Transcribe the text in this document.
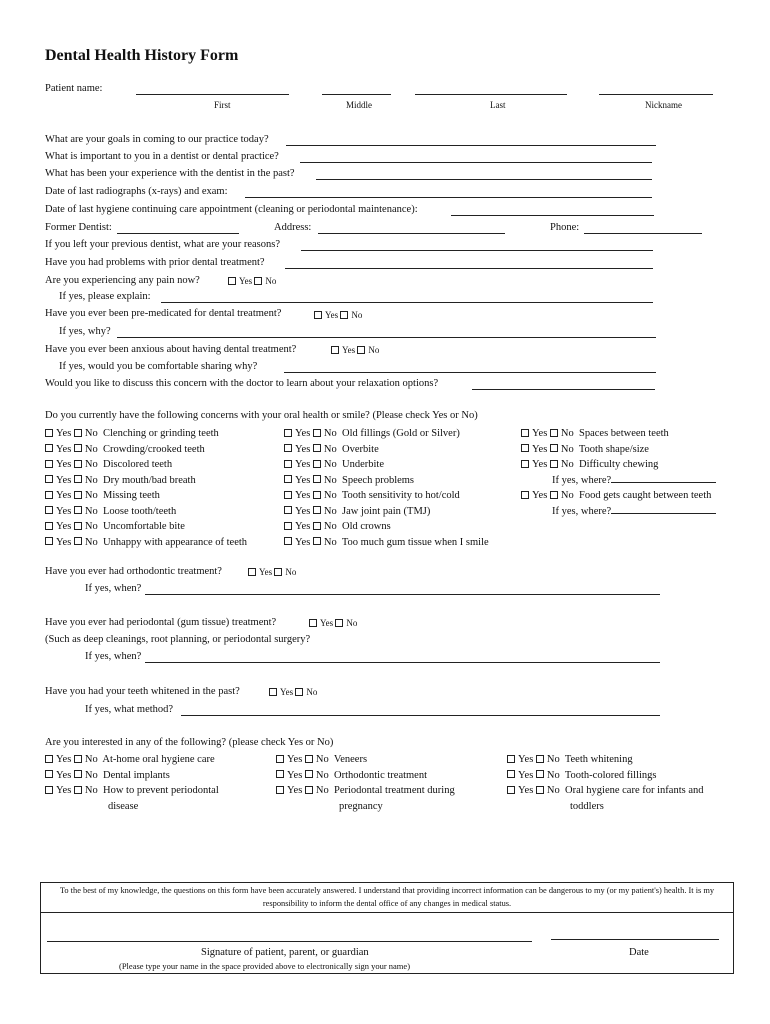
Dental Health History Form
Patient name:
First	Middle	Last	Nickname
What are your goals in coming to our practice today?
What is important to you in a dentist or dental practice?
What has been your experience with the dentist in the past?
Date of last radiographs (x-rays) and exam:
Date of last hygiene continuing care appointment (cleaning or periodontal maintenance):
Former Dentist:	Address:	Phone:
If you left your previous dentist, what are your reasons?
Have you had problems with prior dental treatment?
Are you experiencing any pain now?	Yes No
If yes, please explain:
Have you ever been pre-medicated for dental treatment?	Yes No
If yes, why?
Have you ever been anxious about having dental treatment?	Yes No
If yes, would you be comfortable sharing why?
Would you like to discuss this concern with the doctor to learn about your relaxation options?
Do you currently have the following concerns with your oral health or smile? (Please check Yes or No)
Yes No Clenching or grinding teeth
Yes No Crowding/crooked teeth
Yes No Discolored teeth
Yes No Dry mouth/bad breath
Yes No Missing teeth
Yes No Loose tooth/teeth
Yes No Uncomfortable bite
Yes No Unhappy with appearance of teeth
Yes No Old fillings (Gold or Silver)
Yes No Overbite
Yes No Underbite
Yes No Speech problems
Yes No Tooth sensitivity to hot/cold
Yes No Jaw joint pain (TMJ)
Yes No Old crowns
Yes No Too much gum tissue when I smile
Yes No Spaces between teeth
Yes No Tooth shape/size
Yes No Difficulty chewing
If yes, where?
Yes No Food gets caught between teeth
If yes, where?
Have you ever had orthodontic treatment?	Yes No
If yes, when?
Have you ever had periodontal (gum tissue) treatment?	Yes No
(Such as deep cleanings, root planning, or periodontal surgery?
If yes, when?
Have you had your teeth whitened in the past?	Yes No
If yes, what method?
Are you interested in any of the following? (please check Yes or No)
Yes No At-home oral hygiene care
Yes No Dental implants
Yes No How to prevent periodontal
disease
Yes No Veneers
Yes No Orthodontic treatment
Yes No Periodontal treatment during
pregnancy
Yes No Teeth whitening
Yes No Tooth-colored fillings
Yes No Oral hygiene care for infants and
toddlers
To the best of my knowledge, the questions on this form have been accurately answered. I understand that providing incorrect information can be dangerous to my (or my patient's) health. It is my responsibility to inform the dental office of any changes in medical status.
Signature of patient, parent, or guardian	Date
(Please type your name in the space provided above to electronically sign your name)
